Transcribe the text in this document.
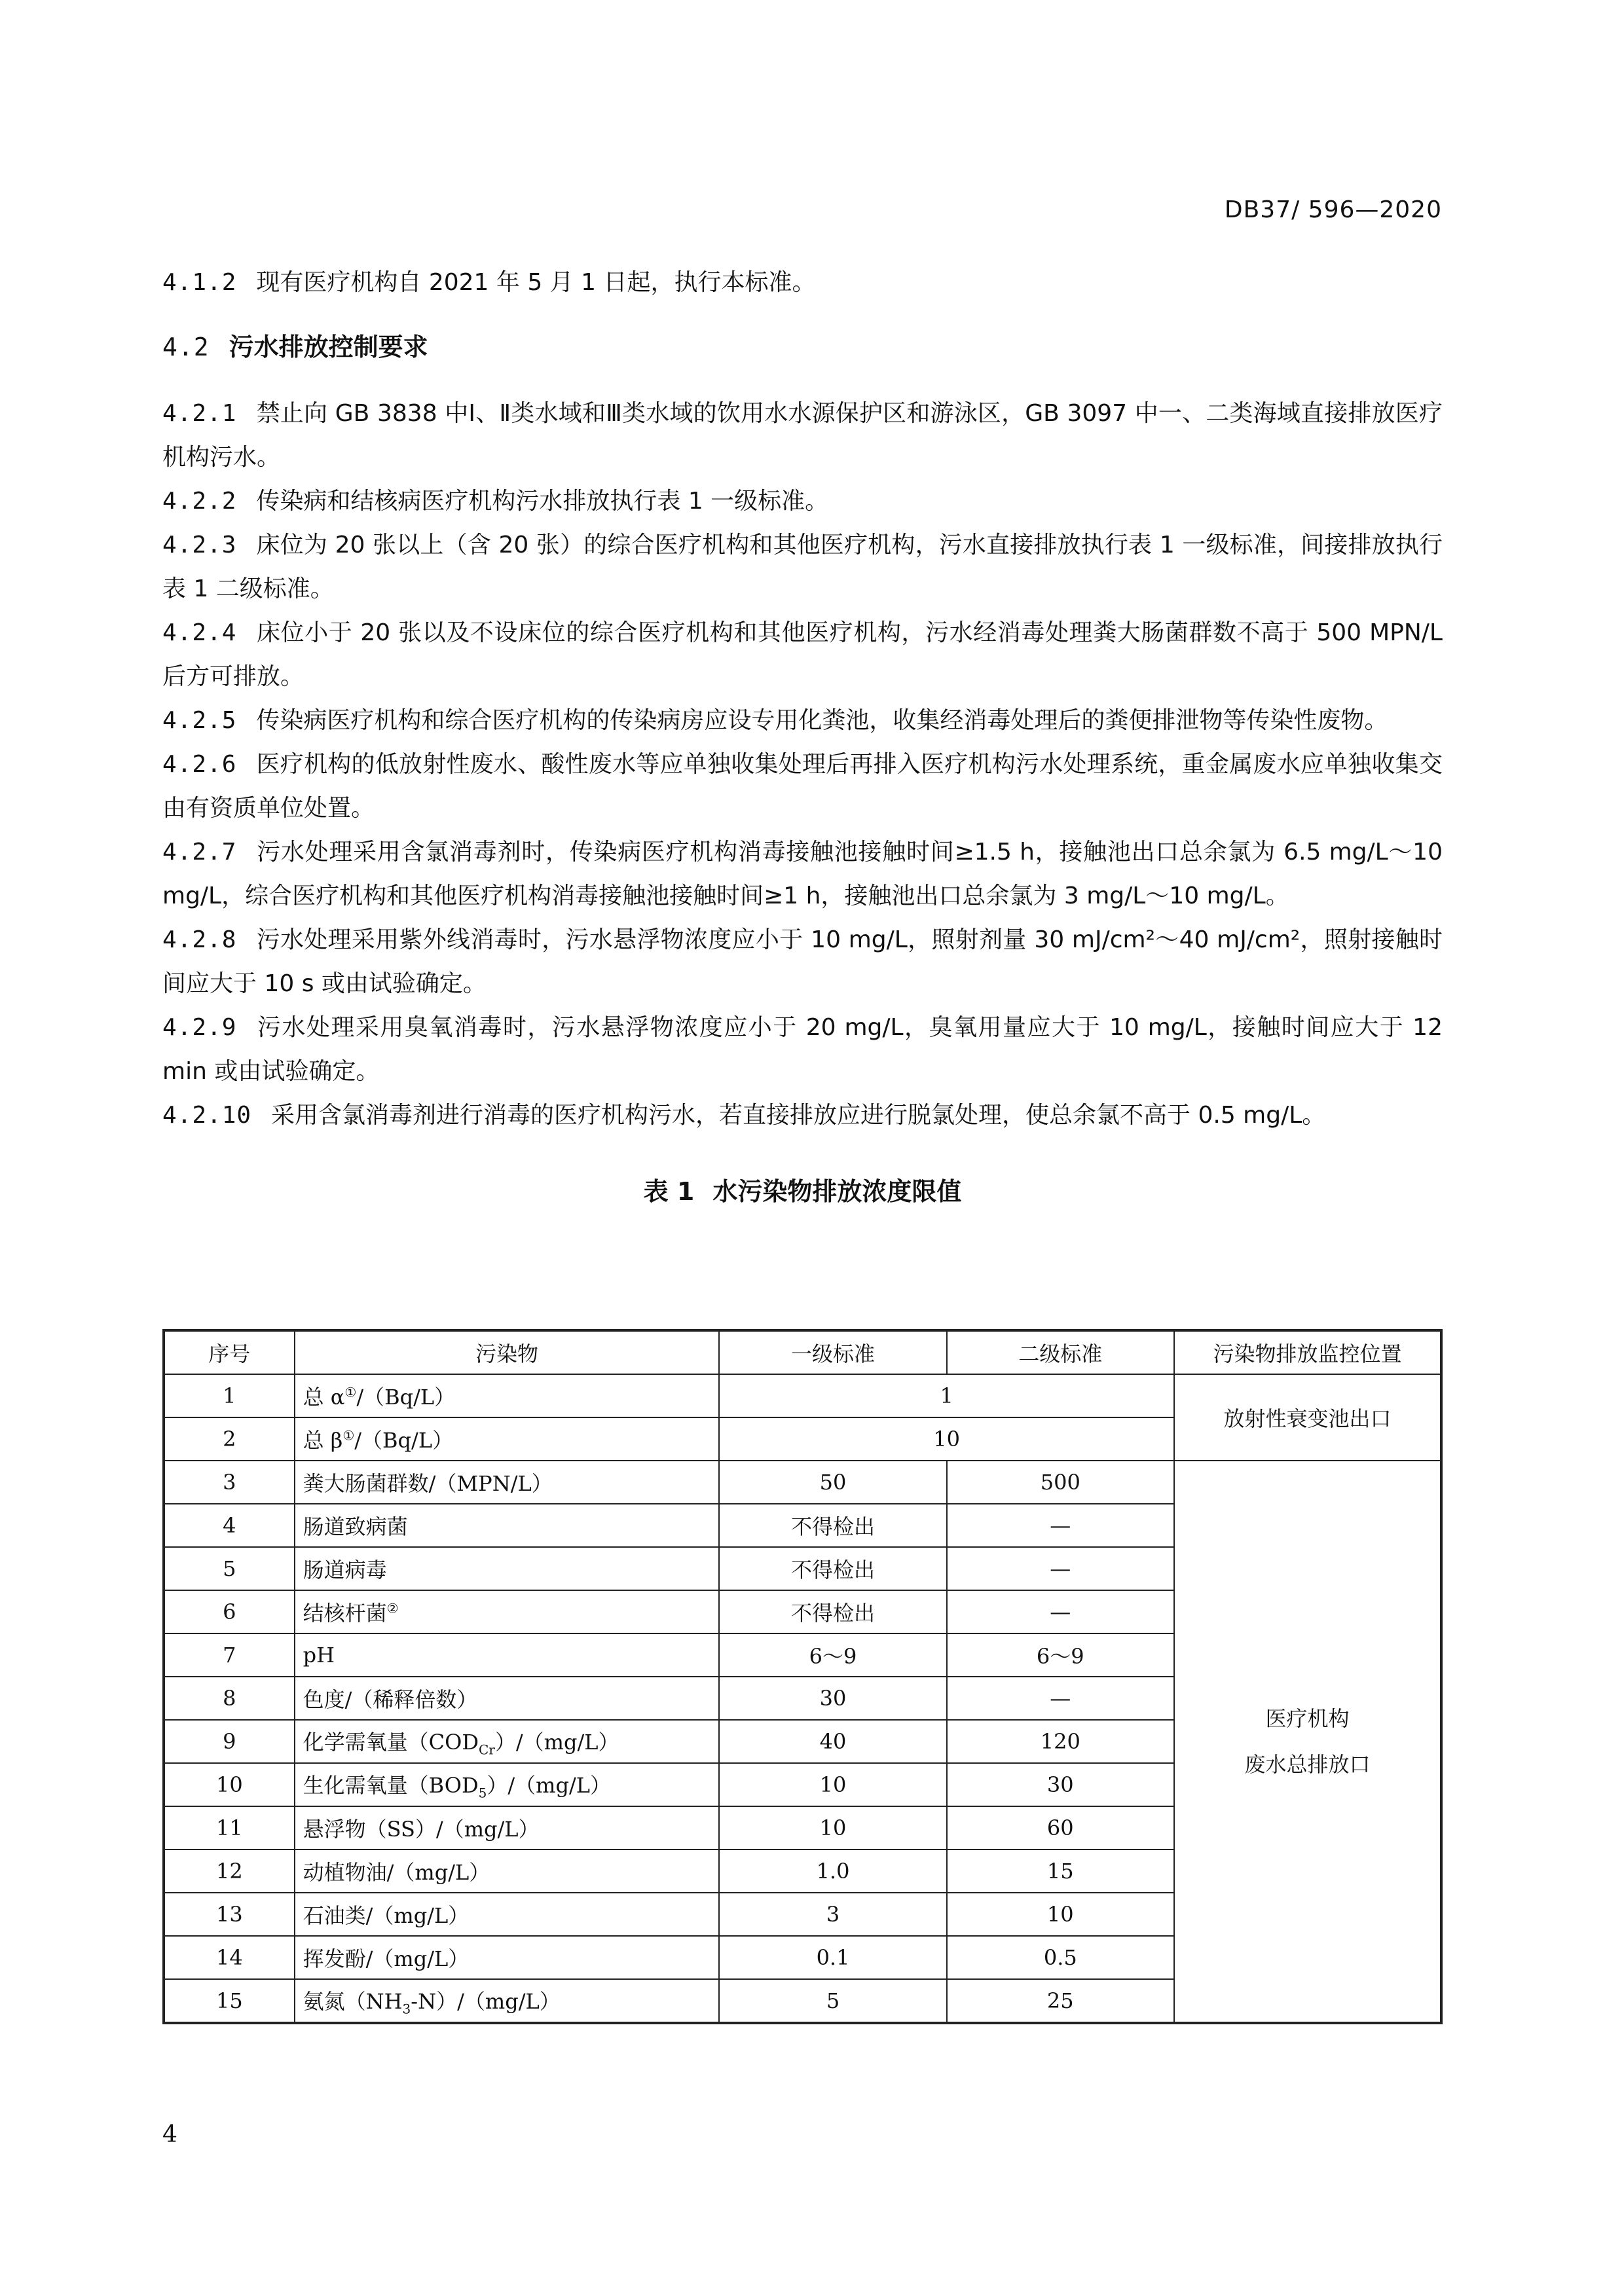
DB37/ 596—2020

4.1.2 现有医疗机构自 2021 年 5 月 1 日起，执行本标准。

4.2 污水排放控制要求

4.2.1 禁止向 GB 3838 中Ⅰ、Ⅱ类水域和Ⅲ类水域的饮用水水源保护区和游泳区，GB 3097 中一、二类海域直接排放医疗机构污水。

4.2.2 传染病和结核病医疗机构污水排放执行表 1 一级标准。

4.2.3 床位为 20 张以上（含 20 张）的综合医疗机构和其他医疗机构，污水直接排放执行表 1 一级标准，间接排放执行表 1 二级标准。

4.2.4 床位小于 20 张以及不设床位的综合医疗机构和其他医疗机构，污水经消毒处理粪大肠菌群数不高于 500 MPN/L 后方可排放。

4.2.5 传染病医疗机构和综合医疗机构的传染病房应设专用化粪池，收集经消毒处理后的粪便排泄物等传染性废物。

4.2.6 医疗机构的低放射性废水、酸性废水等应单独收集处理后再排入医疗机构污水处理系统，重金属废水应单独收集交由有资质单位处置。

4.2.7 污水处理采用含氯消毒剂时，传染病医疗机构消毒接触池接触时间≥1.5 h，接触池出口总余氯为 6.5 mg/L～10 mg/L，综合医疗机构和其他医疗机构消毒接触池接触时间≥1 h，接触池出口总余氯为 3 mg/L～10 mg/L。

4.2.8 污水处理采用紫外线消毒时，污水悬浮物浓度应小于 10 mg/L，照射剂量 30 mJ/cm²～40 mJ/cm²，照射接触时间应大于 10 s 或由试验确定。

4.2.9 污水处理采用臭氧消毒时，污水悬浮物浓度应小于 20 mg/L，臭氧用量应大于 10 mg/L，接触时间应大于 12 min 或由试验确定。

4.2.10 采用含氯消毒剂进行消毒的医疗机构污水，若直接排放应进行脱氯处理，使总余氯不高于 0.5 mg/L。

表 1 水污染物排放浓度限值
序号	污染物	一级标准	二级标准	污染物排放监控位置
1	总 α①/（Bq/L）	1		放射性衰变池出口
2	总 β①/（Bq/L）	10		
3	粪大肠菌群数/（MPN/L）	50	500	医疗机构
废水总排放口

4	肠道致病菌	不得检出	—	
5	肠道病毒	不得检出	—	
6	结核杆菌②	不得检出	—	
7	pH	6～9	6～9	
8	色度/（稀释倍数）	30	—	
9	化学需氧量$(COD_{Cr})/(mg/L)$	40	120	
10	生化需氧量$(BOD_5)/(mg/L)$	10	30	
11	悬浮物（SS）/（mg/L）	10	60	
12	动植物油/（mg/L）	1.0	15	
13	石油类/（mg/L）	3	10	
14	挥发酚/（mg/L）	0.1	0.5	
15	氨氮$(NH_3-N)/(mg/L)$	5	25	
4
